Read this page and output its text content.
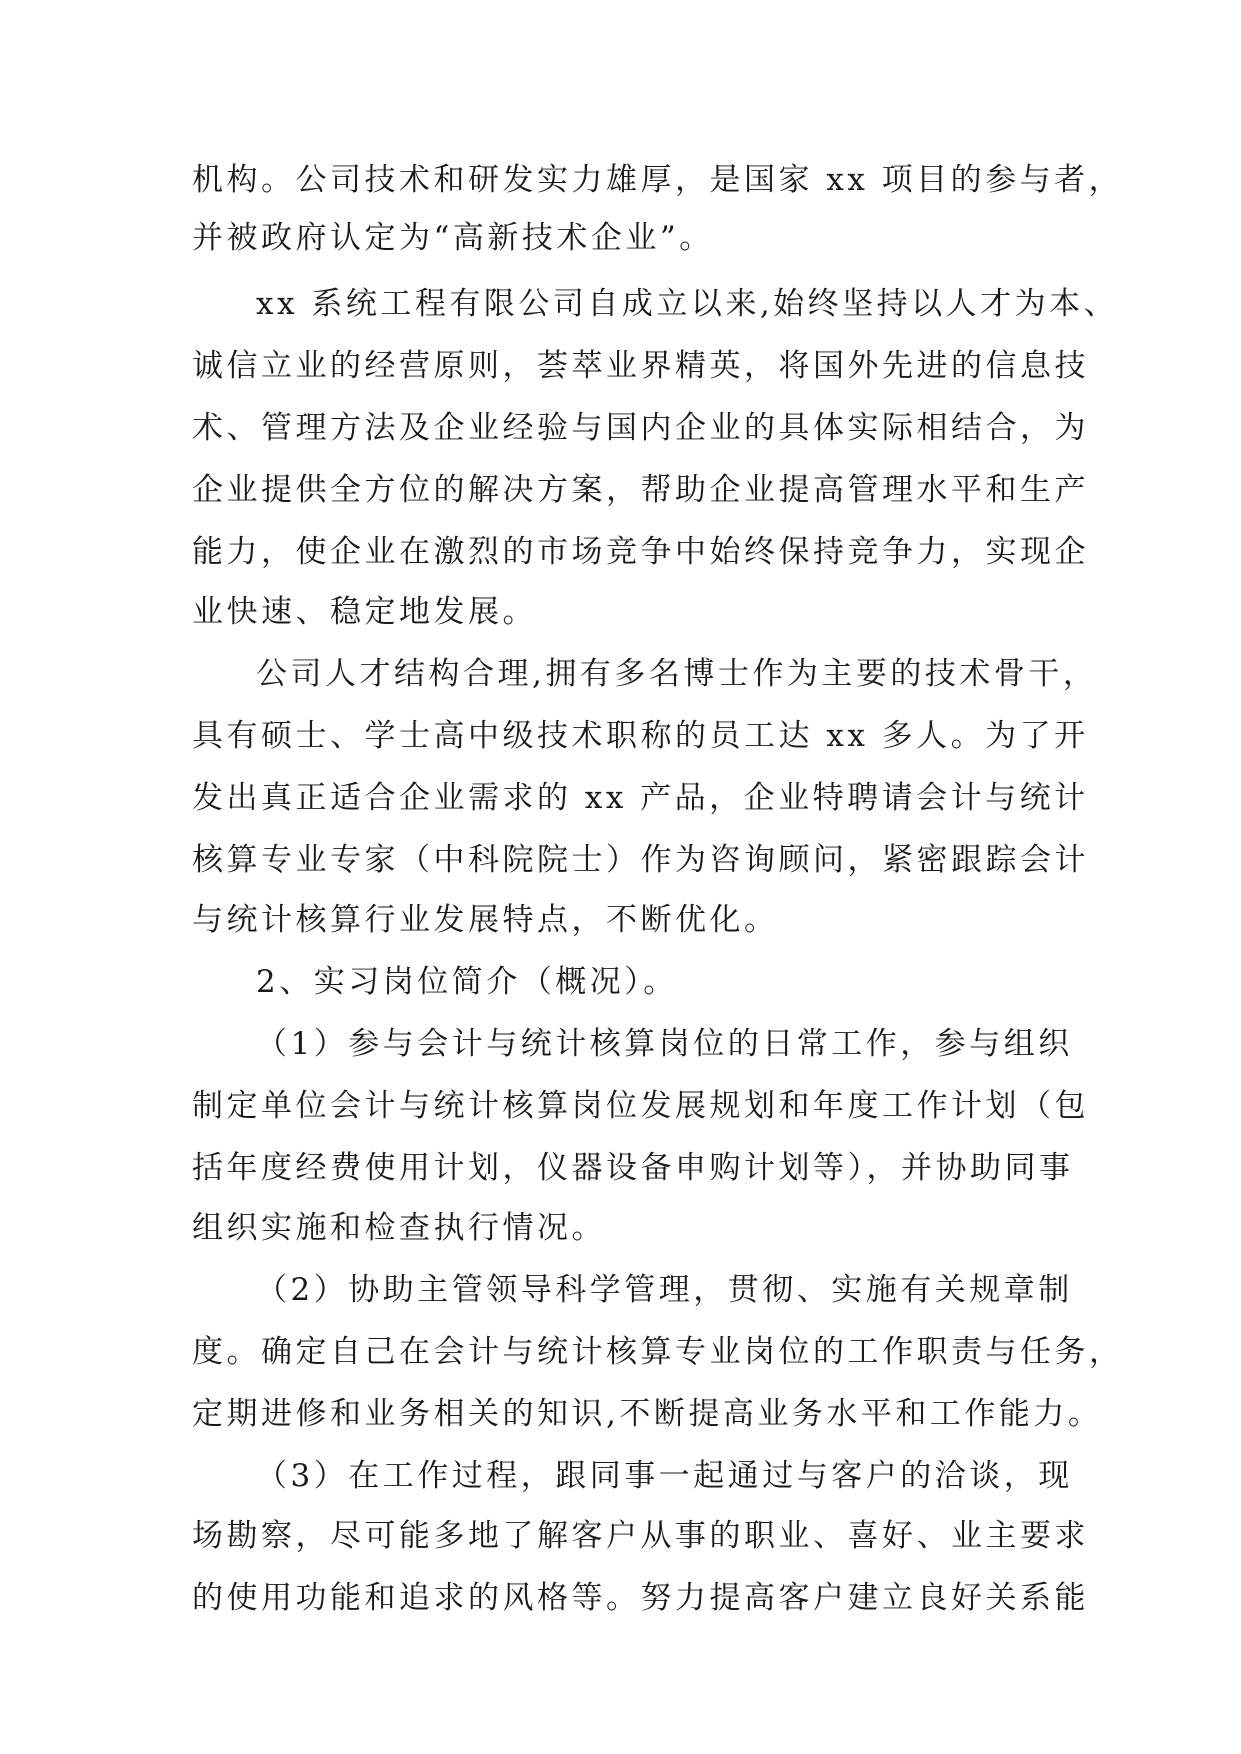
机构。公司技术和研发实力雄厚，是国家 xx 项目的参与者，
并被政府认定为“高新技术企业”。
xx 系统工程有限公司自成立以来,始终坚持以人才为本、
诚信立业的经营原则，荟萃业界精英，将国外先进的信息技
术、管理方法及企业经验与国内企业的具体实际相结合，为
企业提供全方位的解决方案，帮助企业提高管理水平和生产
能力，使企业在激烈的市场竞争中始终保持竞争力，实现企
业快速、稳定地发展。
公司人才结构合理,拥有多名博士作为主要的技术骨干，
具有硕士、学士高中级技术职称的员工达 xx 多人。为了开
发出真正适合企业需求的 xx 产品，企业特聘请会计与统计
核算专业专家（中科院院士）作为咨询顾问，紧密跟踪会计
与统计核算行业发展特点，不断优化。
2、实习岗位简介（概况）。
（1）参与会计与统计核算岗位的日常工作，参与组织
制定单位会计与统计核算岗位发展规划和年度工作计划（包
括年度经费使用计划，仪器设备申购计划等），并协助同事
组织实施和检查执行情况。
（2）协助主管领导科学管理，贯彻、实施有关规章制
度。确定自己在会计与统计核算专业岗位的工作职责与任务，
定期进修和业务相关的知识,不断提高业务水平和工作能力。
（3）在工作过程，跟同事一起通过与客户的洽谈，现
场勘察，尽可能多地了解客户从事的职业、喜好、业主要求
的使用功能和追求的风格等。努力提高客户建立良好关系能
